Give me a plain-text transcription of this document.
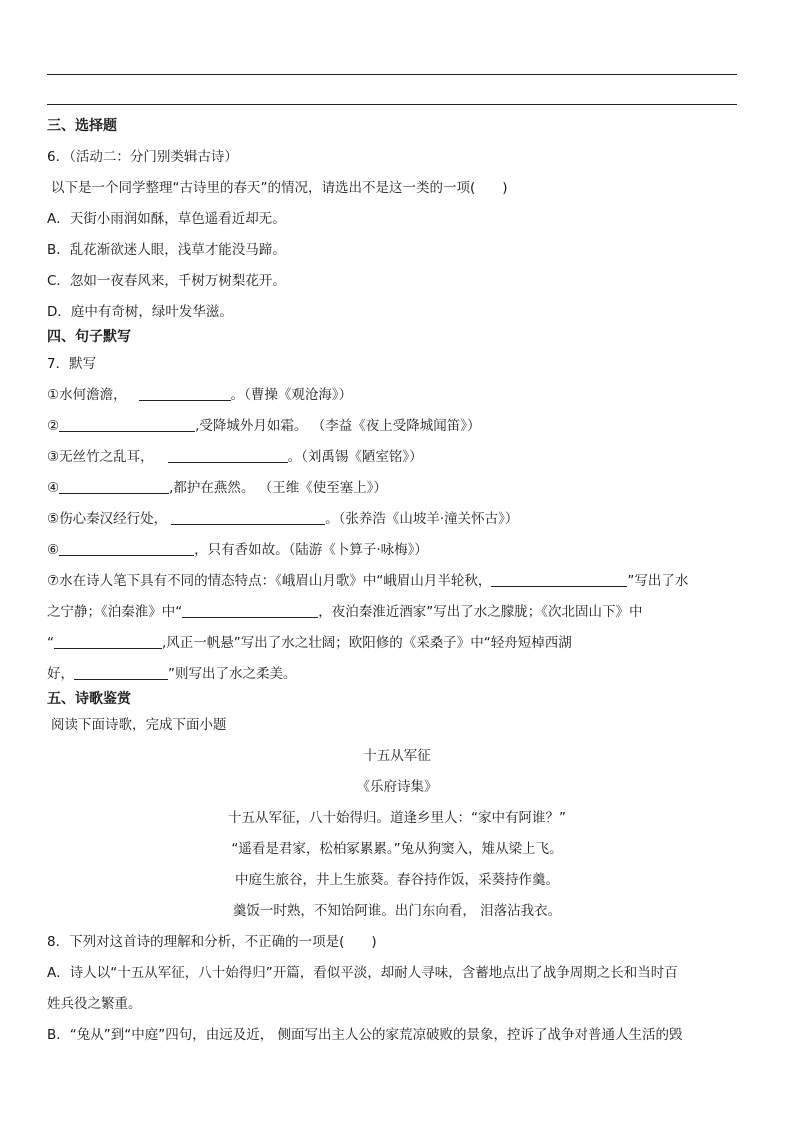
三、选择题
6．（活动二：分门别类辑古诗）
以下是一个同学整理“古诗里的春天”的情况，请选出不是这一类的一项(　　)
A．天街小雨润如酥，草色遥看近却无。
B．乱花渐欲迷人眼，浅草才能没马蹄。
C．忽如一夜春风来，千树万树梨花开。
D．庭中有奇树，绿叶发华滋。
四、句子默写
7．默写
①水何澹澹，	。（曹操《观沧海》）
②	,受降城外月如霜。 （李益《夜上受降城闻笛》）
③无丝竹之乱耳，	。（刘禹锡《陋室铭》）
④	,都护在燕然。 （王维《使至塞上》）
⑤伤心秦汉经行处，	。（张养浩《山坡羊·潼关怀古》）
⑥	，只有香如故。（陆游《卜算子·咏梅》）
⑦水在诗人笔下具有不同的情态特点：《峨眉山月歌》中“峨眉山月半轮秋，	”写出了水
之宁静；《泊秦淮》中“	，夜泊秦淮近酒家”写出了水之朦胧；《次北固山下》中
“	,风正一帆悬”写出了水之壮阔；欧阳修的《采桑子》中“轻舟短棹西湖
好，	”则写出了水之柔美。
五、诗歌鉴赏
阅读下面诗歌，完成下面小题
十五从军征
《乐府诗集》
十五从军征，八十始得归。道逢乡里人：“家中有阿谁？”
“遥看是君家，松柏冢累累。”兔从狗窦入，雉从梁上飞。
中庭生旅谷，井上生旅葵。舂谷持作饭，采葵持作羹。
羹饭一时熟，不知饴阿谁。出门东向看， 泪落沾我衣。
8．下列对这首诗的理解和分析，不正确的一项是(　　)
A．诗人以“十五从军征，八十始得归”开篇，看似平淡，却耐人寻味，含蓄地点出了战争周期之长和当时百
姓兵役之繁重。
B．“兔从”到“中庭”四句，由远及近， 侧面写出主人公的家荒凉破败的景象，控诉了战争对普通人生活的毁
